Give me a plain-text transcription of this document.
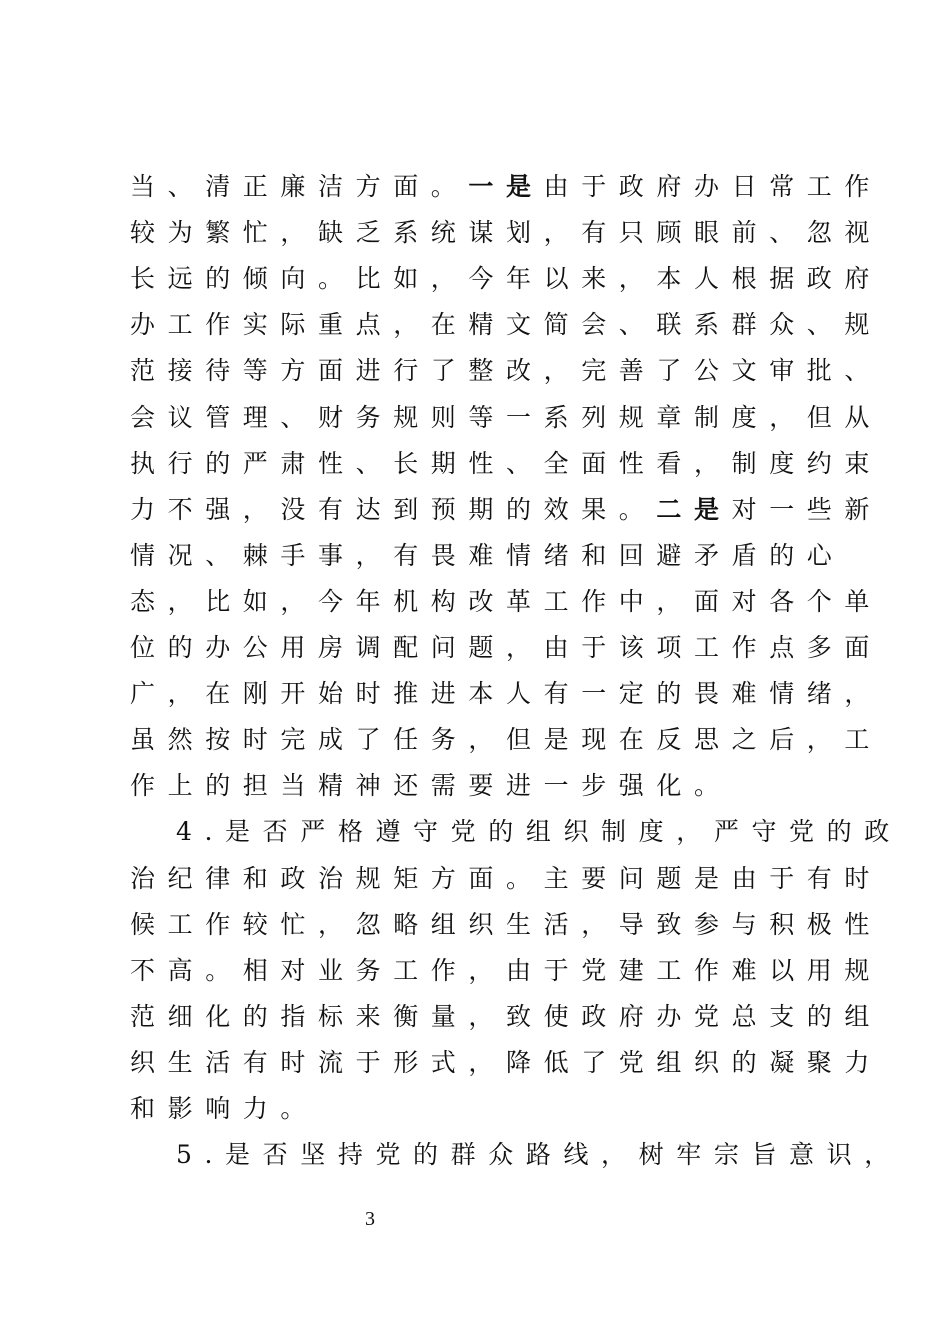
当、清正廉洁方面。一是由于政府办日常工作
较为繁忙，缺乏系统谋划，有只顾眼前、忽视
长远的倾向。比如，今年以来，本人根据政府
办工作实际重点，在精文简会、联系群众、规
范接待等方面进行了整改，完善了公文审批、
会议管理、财务规则等一系列规章制度，但从
执行的严肃性、长期性、全面性看，制度约束
力不强，没有达到预期的效果。二是对一些新
情况、棘手事，有畏难情绪和回避矛盾的心
态，比如，今年机构改革工作中，面对各个单
位的办公用房调配问题，由于该项工作点多面
广，在刚开始时推进本人有一定的畏难情绪，
虽然按时完成了任务，但是现在反思之后，工
作上的担当精神还需要进一步强化。
4.是否严格遵守党的组织制度，严守党的政
治纪律和政治规矩方面。主要问题是由于有时
候工作较忙，忽略组织生活，导致参与积极性
不高。相对业务工作，由于党建工作难以用规
范细化的指标来衡量，致使政府办党总支的组
织生活有时流于形式，降低了党组织的凝聚力
和影响力。
5.是否坚持党的群众路线，树牢宗旨意识，
3
